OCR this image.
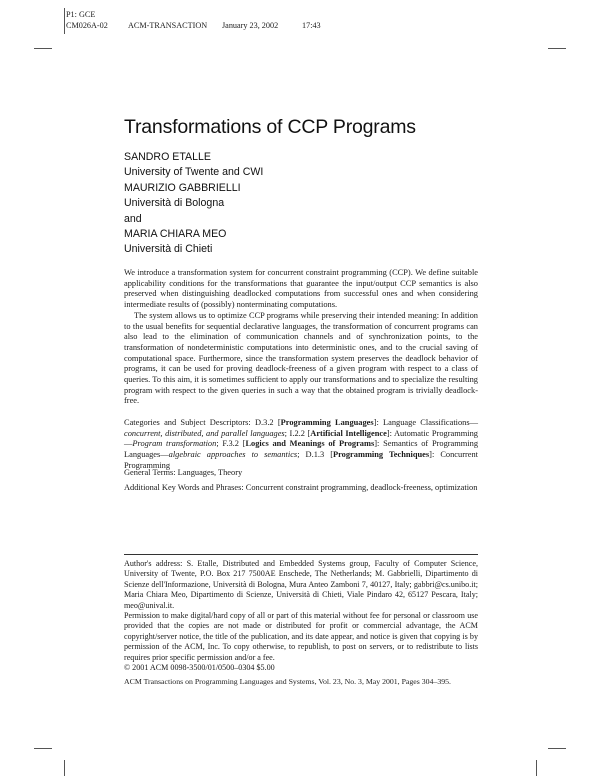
P1: GCE
CM026A-02 ACM-TRANSACTION January 23, 2002	17:43
Transformations of CCP Programs
SANDRO ETALLE
University of Twente and CWI
MAURIZIO GABBRIELLI
Università di Bologna
and
MARIA CHIARA MEO
Università di Chieti

We introduce a transformation system for concurrent constraint programming (CCP). We define suitable applicability conditions for the transformations that guarantee the input/output CCP semantics is also preserved when distinguishing deadlocked computations from successful ones and when considering intermediate results of (possibly) nonterminating computations.

The system allows us to optimize CCP programs while preserving their intended meaning: In addition to the usual benefits for sequential declarative languages, the transformation of concurrent programs can also lead to the elimination of communication channels and of synchronization points, to the transformation of nondeterministic computations into deterministic ones, and to the crucial saving of computational space. Furthermore, since the transformation system preserves the deadlock behavior of programs, it can be used for proving deadlock-freeness of a given program with respect to a class of queries. To this aim, it is sometimes sufficient to apply our transformations and to specialize the resulting program with respect to the given queries in such a way that the obtained program is trivially deadlock-free.

Categories and Subject Descriptors: D.3.2 [Programming Languages]: Language Classifications—concurrent, distributed, and parallel languages; I.2.2 [Artificial Intelligence]: Automatic Programming—Program transformation; F.3.2 [Logics and Meanings of Programs]: Semantics of Programming Languages—algebraic approaches to semantics; D.1.3 [Programming Techniques]: Concurrent Programming

General Terms: Languages, Theory

Additional Key Words and Phrases: Concurrent constraint programming, deadlock-freeness, optimization

Author's address: S. Etalle, Distributed and Embedded Systems group, Faculty of Computer Science, University of Twente, P.O. Box 217 7500AE Enschede, The Netherlands; M. Gabbrielli, Dipartimento di Scienze dell'Informazione, Università di Bologna, Mura Anteo Zamboni 7, 40127, Italy; gabbri@cs.unibo.it; Maria Chiara Meo, Dipartimento di Scienze, Università di Chieti, Viale Pindaro 42, 65127 Pescara, Italy; meo@unival.it.

Permission to make digital/hard copy of all or part of this material without fee for personal or classroom use provided that the copies are not made or distributed for profit or commercial advantage, the ACM copyright/server notice, the title of the publication, and its date appear, and notice is given that copying is by permission of the ACM, Inc. To copy otherwise, to republish, to post on servers, or to redistribute to lists requires prior specific permission and/or a fee.

© 2001 ACM 0098-3500/01/0500–0304 $5.00

ACM Transactions on Programming Languages and Systems, Vol. 23, No. 3, May 2001, Pages 304–395.
